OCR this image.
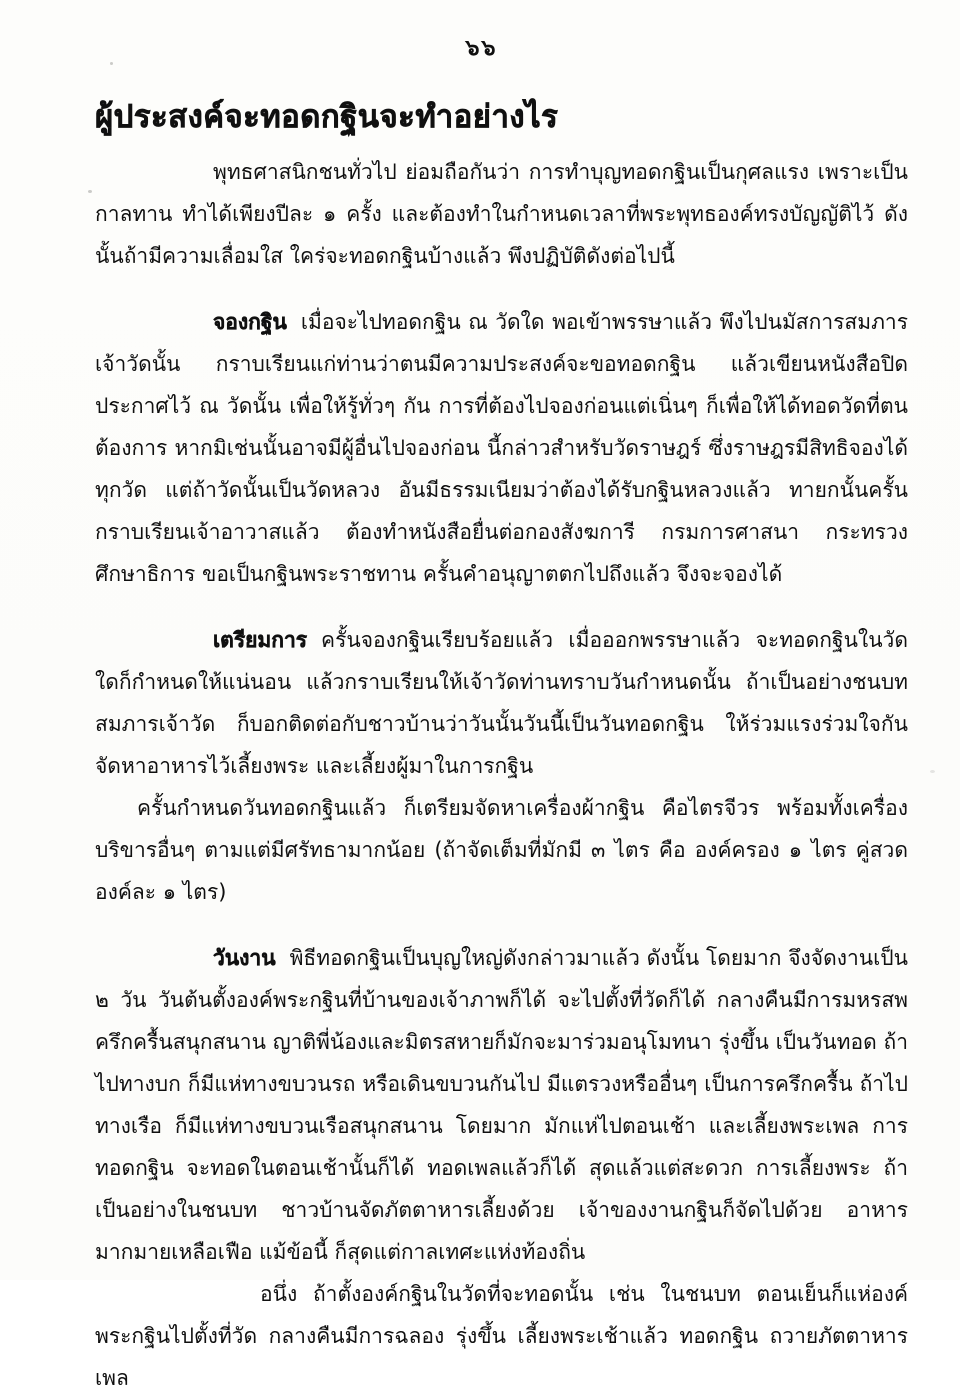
๖๖
ผู้ประสงค์จะทอดกฐินจะทำอย่างไร

พุทธศาสนิกชนทั่วไป ย่อมถือกันว่า การทำบุญทอดกฐินเป็นกุศลแรง เพราะเป็นกาลทาน ทำได้เพียงปีละ ๑ ครั้ง และต้องทำในกำหนดเวลาที่พระพุทธองค์ทรงบัญญัติไว้ ดังนั้นถ้ามีความเลื่อมใส ใคร่จะทอดกฐินบ้างแล้ว พึงปฏิบัติดังต่อไปนี้

จองกฐิน เมื่อจะไปทอดกฐิน ณ วัดใด พอเข้าพรรษาแล้ว พึงไปนมัสการสมภารเจ้าวัดนั้น กราบเรียนแก่ท่านว่าตนมีความประสงค์จะขอทอดกฐิน แล้วเขียนหนังสือปิดประกาศไว้ ณ วัดนั้น เพื่อให้รู้ทั่วๆ กัน การที่ต้องไปจองก่อนแต่เนิ่นๆ ก็เพื่อให้ได้ทอดวัดที่ตนต้องการ หากมิเช่นนั้นอาจมีผู้อื่นไปจองก่อน นี้กล่าวสำหรับวัดราษฎร์ ซึ่งราษฎรมีสิทธิจองได้ทุกวัด แต่ถ้าวัดนั้นเป็นวัดหลวง อันมีธรรมเนียมว่าต้องได้รับกฐินหลวงแล้ว ทายกนั้นครั้นกราบเรียนเจ้าอาวาสแล้ว ต้องทำหนังสือยื่นต่อกองสังฆการี กรมการศาสนา กระทรวงศึกษาธิการ ขอเป็นกฐินพระราชทาน ครั้นคำอนุญาตตกไปถึงแล้ว จึงจะจองได้

เตรียมการ ครั้นจองกฐินเรียบร้อยแล้ว เมื่อออกพรรษาแล้ว จะทอดกฐินในวัดใดก็กำหนดให้แน่นอน แล้วกราบเรียนให้เจ้าวัดท่านทราบวันกำหนดนั้น ถ้าเป็นอย่างชนบทสมภารเจ้าวัด ก็บอกติดต่อกับชาวบ้านว่าวันนั้นวันนี้เป็นวันทอดกฐิน ให้ร่วมแรงร่วมใจกันจัดหาอาหารไว้เลี้ยงพระ และเลี้ยงผู้มาในการกฐิน

ครั้นกำหนดวันทอดกฐินแล้ว ก็เตรียมจัดหาเครื่องผ้ากฐิน คือไตรจีวร พร้อมทั้งเครื่องบริขารอื่นๆ ตามแต่มีศรัทธามากน้อย (ถ้าจัดเต็มที่มักมี ๓ ไตร คือ องค์ครอง ๑ ไตร คู่สวดองค์ละ ๑ ไตร)

วันงาน พิธีทอดกฐินเป็นบุญใหญ่ดังกล่าวมาแล้ว ดังนั้น โดยมาก จึงจัดงานเป็น ๒ วัน วันต้นตั้งองค์พระกฐินที่บ้านของเจ้าภาพก็ได้ จะไปตั้งที่วัดก็ได้ กลางคืนมีการมหรสพครึกครื้นสนุกสนาน ญาติพี่น้องและมิตรสหายก็มักจะมาร่วมอนุโมทนา รุ่งขึ้น เป็นวันทอด ถ้าไปทางบก ก็มีแห่ทางขบวนรถ หรือเดินขบวนกันไป มีแตรวงหรืออื่นๆ เป็นการครึกครื้น ถ้าไปทางเรือ ก็มีแห่ทางขบวนเรือสนุกสนาน โดยมาก มักแห่ไปตอนเช้า และเลี้ยงพระเพล การทอดกฐิน จะทอดในตอนเช้านั้นก็ได้ ทอดเพลแล้วก็ได้ สุดแล้วแต่สะดวก การเลี้ยงพระ ถ้าเป็นอย่างในชนบท ชาวบ้านจัดภัตตาหารเลี้ยงด้วย เจ้าของงานกฐินก็จัดไปด้วย อาหารมากมายเหลือเฟือ แม้ข้อนี้ ก็สุดแต่กาลเทศะแห่งท้องถิ่น

อนึ่ง ถ้าตั้งองค์กฐินในวัดที่จะทอดนั้น เช่น ในชนบท ตอนเย็นก็แห่องค์พระกฐินไปตั้งที่วัด กลางคืนมีการฉลอง รุ่งขึ้น เลี้ยงพระเช้าแล้ว ทอดกฐิน ถวายภัตตาหารเพล
